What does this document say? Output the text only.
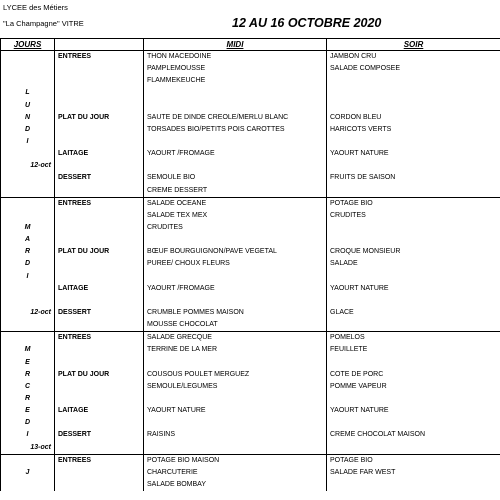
LYCEE des Métiers
"La Champagne" VITRE	12 AU 16 OCTOBRE 2020
JOURS		MIDI	SOIR
	ENTREES	THON MACEDOINE	JAMBON CRU
		PAMPLEMOUSSE	SALADE COMPOSEE
		FLAMMEKEUCHE	
L			
U			
N	PLAT DU JOUR	SAUTE DE DINDE CREOLE/MERLU BLANC	CORDON BLEU
D		TORSADES BIO/PETITS POIS CAROTTES	HARICOTS VERTS
I			
	LAITAGE	YAOURT /FROMAGE	YAOURT NATURE
12-oct			
	DESSERT	SEMOULE BIO	FRUITS DE SAISON
		CREME DESSERT	
	ENTREES	SALADE OCEANE	POTAGE BIO
		SALADE TEX MEX	CRUDITES
M		CRUDITES	
A			
R	PLAT DU JOUR	BŒUF BOURGUIGNON/PAVE VEGETAL	CROQUE MONSIEUR
D		PUREE/ CHOUX FLEURS	SALADE
I			
	LAITAGE	YAOURT /FROMAGE	YAOURT NATURE

12-oct	DESSERT	CRUMBLE POMMES MAISON	GLACE
		MOUSSE CHOCOLAT	
	ENTREES	SALADE GRECQUE	POMELOS
M		TERRINE DE LA MER	FEUILLETE
E			
R	PLAT DU JOUR	COUSOUS POULET MERGUEZ	COTE DE PORC
C		SEMOULE/LEGUMES	POMME VAPEUR
R			
E	LAITAGE	YAOURT NATURE	YAOURT NATURE
D			
I	DESSERT	RAISINS	CREME CHOCOLAT MAISON
13-oct			
	ENTREES	POTAGE BIO MAISON	POTAGE BIO
J		CHARCUTERIE	SALADE FAR WEST
		SALADE BOMBAY	
